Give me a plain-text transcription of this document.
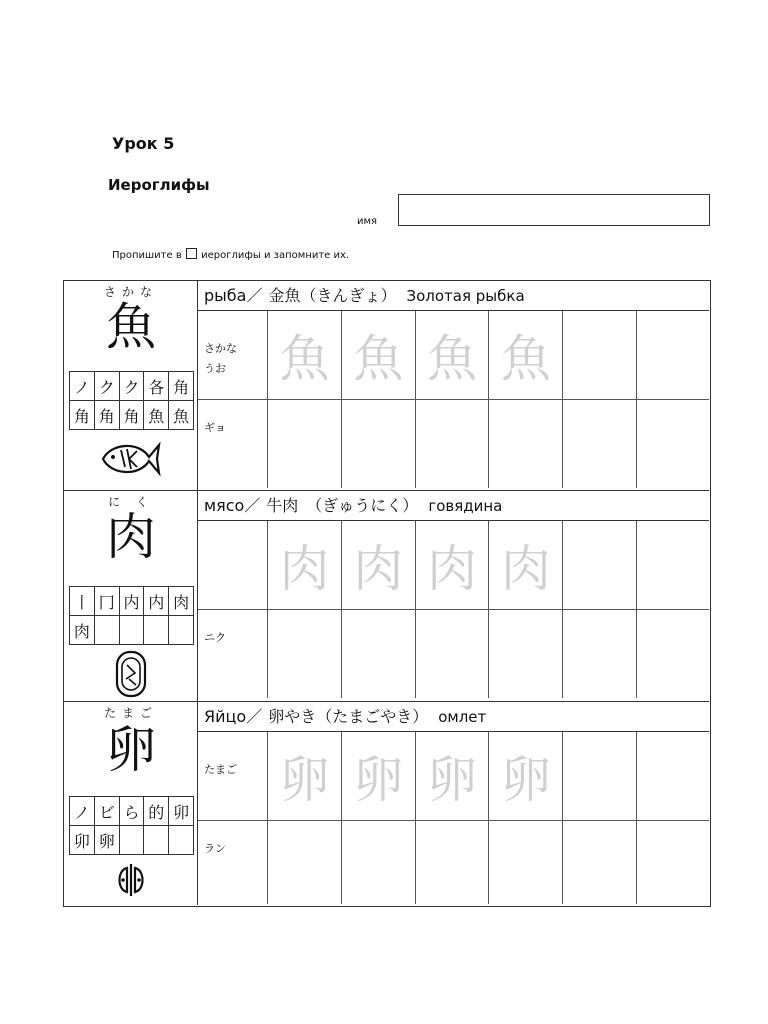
Урок 5
Иероглифы
имя
Пропишите в иероглифы и запомните их.
さかな
魚
ノ	ク	ク	各	角
角	角	角	魚	魚
рыба／ 金魚（きんぎょ） Золотая рыбка
さかな
うお	魚	魚	魚	魚		
ギョ						
に く
肉
丨	冂	内	内	肉
肉				
мясо／ 牛肉　（ぎゅうにく） говядина
	肉	肉	肉	肉		
ニク						
たまご
卵
ノ	ビ	ら	的	卯
卯	卵			
Яйцо／ 卵やき（たまごやき） омлет
たまご	卵	卵	卵	卵		
ラン						
